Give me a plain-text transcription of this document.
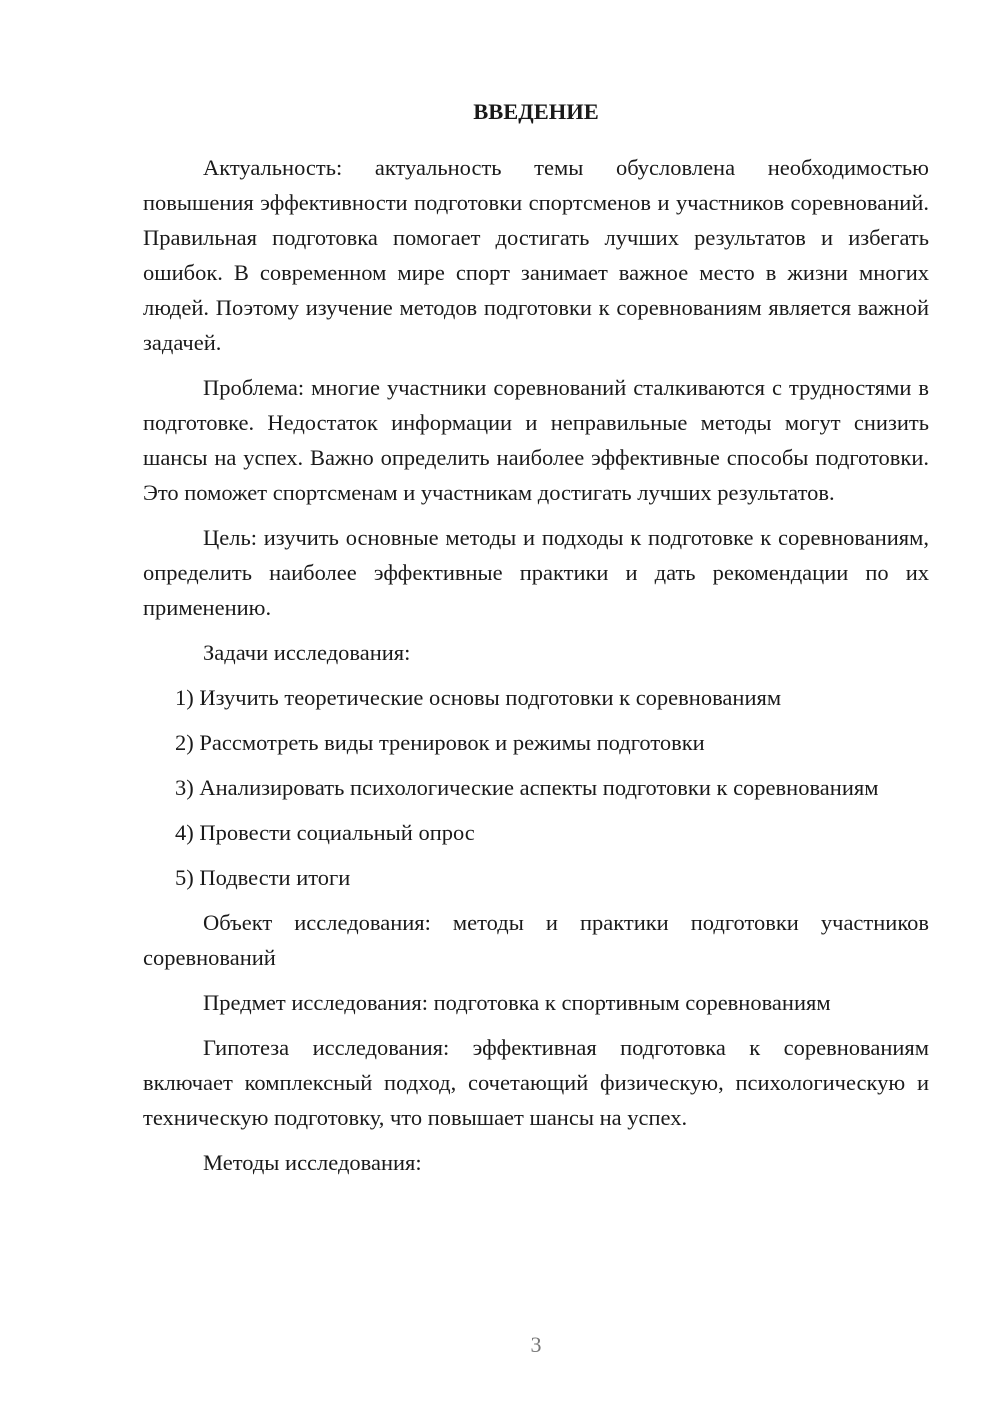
ВВЕДЕНИЕ

Актуальность: актуальность темы обусловлена необходимостью повышения эффективности подготовки спортсменов и участников соревнований. Правильная подготовка помогает достигать лучших результатов и избегать ошибок. В современном мире спорт занимает важное место в жизни многих людей. Поэтому изучение методов подготовки к соревнованиям является важной задачей.

Проблема: многие участники соревнований сталкиваются с трудностями в подготовке. Недостаток информации и неправильные методы могут снизить шансы на успех. Важно определить наиболее эффективные способы подготовки. Это поможет спортсменам и участникам достигать лучших результатов.

Цель: изучить основные методы и подходы к подготовке к соревнованиям, определить наиболее эффективные практики и дать рекомендации по их применению.

Задачи исследования:

1) Изучить теоретические основы подготовки к соревнованиям

2) Рассмотреть виды тренировок и режимы подготовки

3) Анализировать психологические аспекты подготовки к соревнованиям

4) Провести социальный опрос

5) Подвести итоги

Объект исследования: методы и практики подготовки участников соревнований

Предмет исследования: подготовка к спортивным соревнованиям

Гипотеза исследования: эффективная подготовка к соревнованиям включает комплексный подход, сочетающий физическую, психологическую и техническую подготовку, что повышает шансы на успех.

Методы исследования:

3
